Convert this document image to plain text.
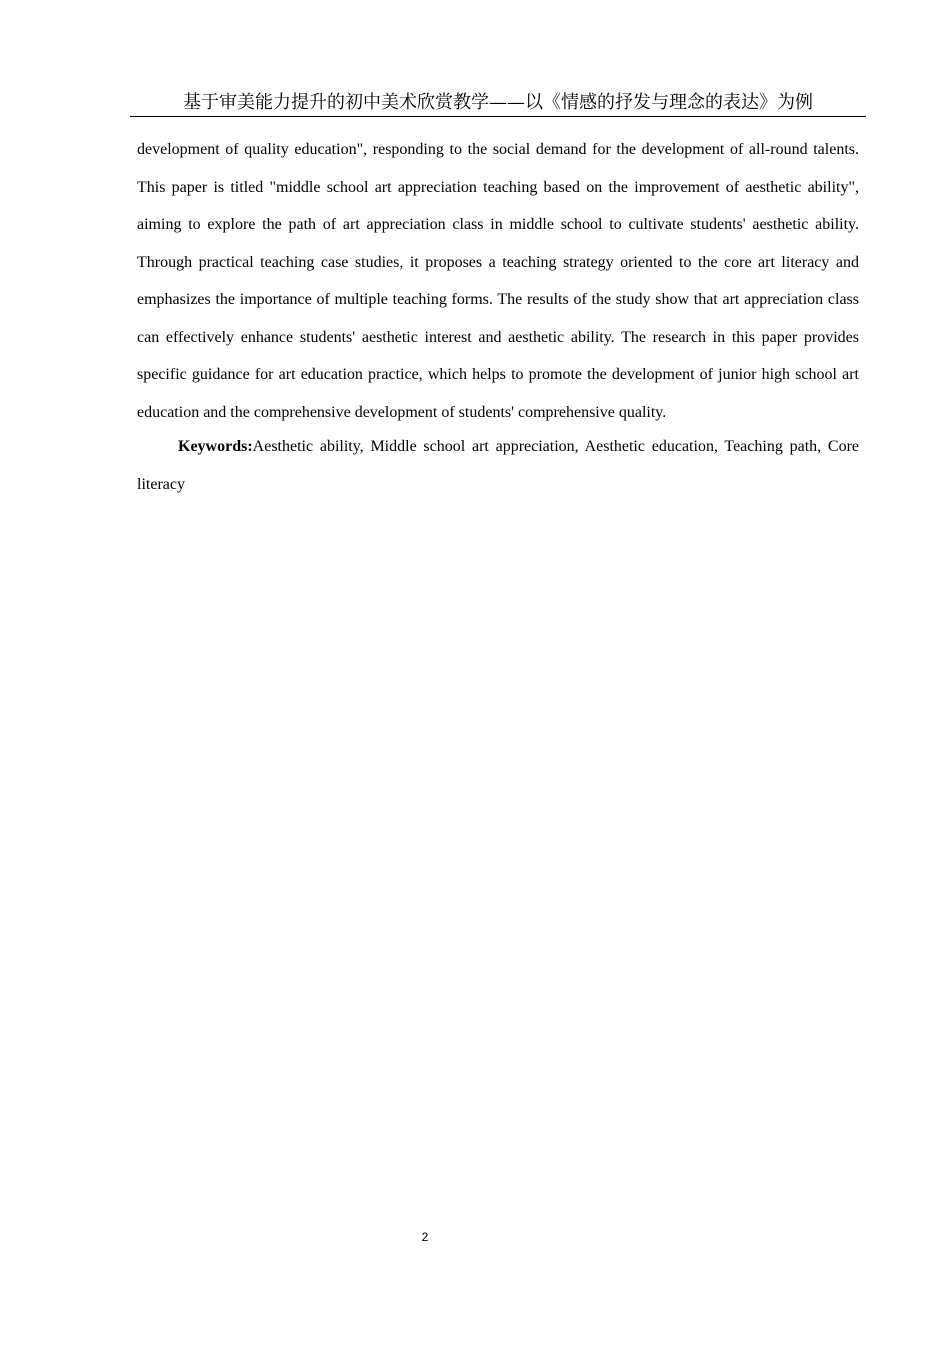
基于审美能力提升的初中美术欣赏教学——以《情感的抒发与理念的表达》为例

development of quality education", responding to the social demand for the development of all-round talents. This paper is titled "middle school art appreciation teaching based on the improvement of aesthetic ability", aiming to explore the path of art appreciation class in middle school to cultivate students' aesthetic ability. Through practical teaching case studies, it proposes a teaching strategy oriented to the core art literacy and emphasizes the importance of multiple teaching forms. The results of the study show that art appreciation class can effectively enhance students' aesthetic interest and aesthetic ability. The research in this paper provides specific guidance for art education practice, which helps to promote the development of junior high school art education and the comprehensive development of students' comprehensive quality.

Keywords:Aesthetic ability, Middle school art appreciation, Aesthetic education, Teaching path, Core literacy

2
